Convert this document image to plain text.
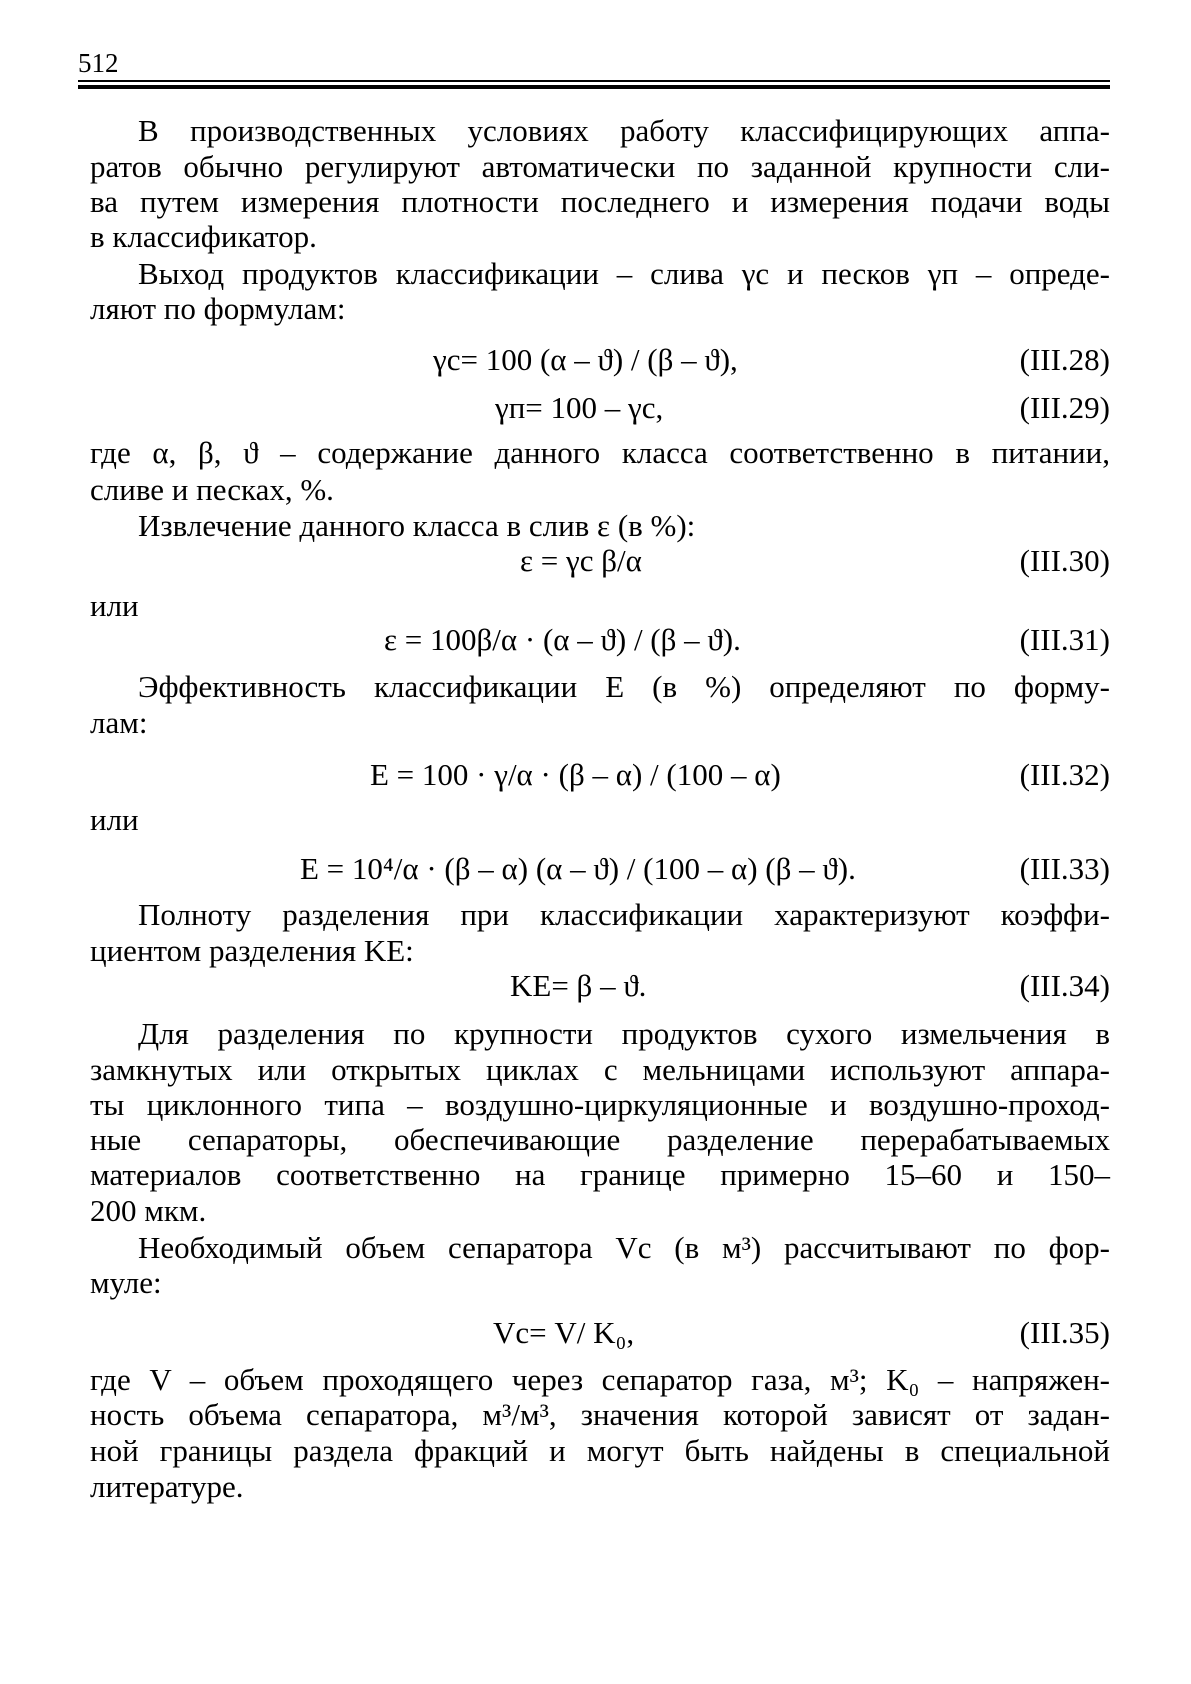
512
В производственных условиях работу классифицирующих аппа-
ратов обычно регулируют автоматически по заданной крупности сли-
ва путем измерения плотности последнего и измерения подачи воды
в классификатор.
Выход продуктов классификации – слива γс и песков γп – опреде-
ляют по формулам:
γс= 100 (α – ϑ) / (β – ϑ),	(III.28)
γп= 100 – γс,	(III.29)
где α, β, ϑ – содержание данного класса соответственно в питании,
сливе и песках, %.
Извлечение данного класса в слив ε (в %):
ε = γс β/α	(III.30)
или
ε = 100β/α · (α – ϑ) / (β – ϑ).	(III.31)
Эффективность классификации Е (в %) определяют по форму-
лам:
E = 100 · γ/α · (β – α) / (100 – α)	(III.32)
или
E = 10⁴/α · (β – α) (α – ϑ) / (100 – α) (β – ϑ).	(III.33)
Полноту разделения при классификации характеризуют коэффи-
циентом разделения KЕ:
KЕ= β – ϑ.	(III.34)
Для разделения по крупности продуктов сухого измельчения в
замкнутых или открытых циклах с мельницами используют аппара-
ты циклонного типа – воздушно-циркуляционные и воздушно-проход-
ные сепараторы, обеспечивающие разделение перерабатываемых
материалов соответственно на границе примерно 15–60 и 150–
200 мкм.
Необходимый объем сепаратора Vс (в м³) рассчитывают по фор-
муле:
Vс= V/ K₀,	(III.35)
где V – объем проходящего через сепаратор газа, м³; K₀ – напряжен-
ность объема сепаратора, м³/м³, значения которой зависят от задан-
ной границы раздела фракций и могут быть найдены в специальной
литературе.
